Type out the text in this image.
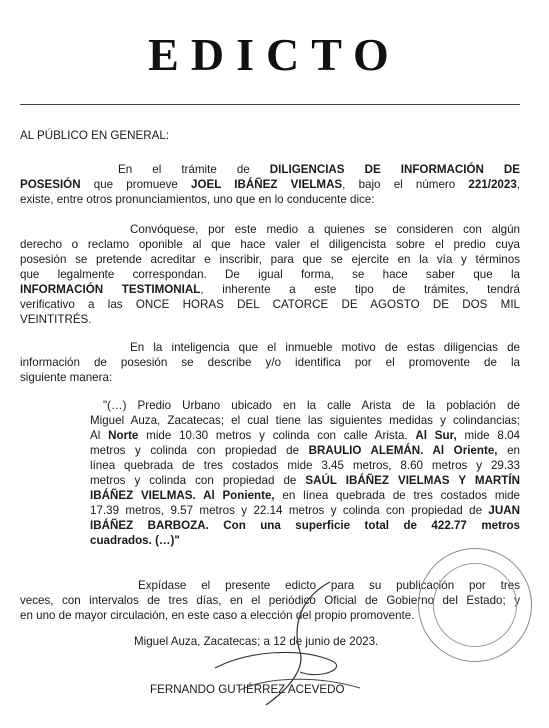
EDICTO
AL PÚBLICO EN GENERAL:
En el trámite de DILIGENCIAS DE INFORMACIÓN DE
POSESIÓN que promueve JOEL IBÁÑEZ VIELMAS, bajo el número 221/2023,
existe, entre otros pronunciamientos, uno que en lo conducente dice:
Convóquese, por este medio a quienes se consideren con algún
derecho o reclamo oponible al que hace valer el diligencista sobre el predio cuya
posesión se pretende acreditar e inscribir, para que se ejercite en la vía y términos
que legalmente correspondan. De igual forma, se hace saber que la
INFORMACIÓN TESTIMONIAL, inherente a este tipo de trámites, tendrá
verificativo a las ONCE HORAS DEL CATORCE DE AGOSTO DE DOS MIL
VEINTITRÉS.
En la inteligencia que el inmueble motivo de estas diligencias de
información de posesión se describe y/o identifica por el promovente de la
siguiente manera:
"(…) Predio Urbano ubicado en la calle Arista de la población de
Miguel Auza, Zacatecas; el cual tiene las siguientes medidas y colindancias;
Al Norte mide 10.30 metros y colinda con calle Arista. Al Sur, mide 8.04
metros y colinda con propiedad de BRAULIO ALEMÁN. Al Oriente, en
línea quebrada de tres costados mide 3.45 metros, 8.60 metros y 29.33
metros y colinda con propiedad de SAÚL IBÁÑEZ VIELMAS Y MARTÍN
IBÁÑEZ VIELMAS. Al Poniente, en línea quebrada de tres costados mide
17.39 metros, 9.57 metros y 22.14 metros y colinda con propiedad de JUAN
IBÁÑEZ BARBOZA. Con una superficie total de 422.77 metros
cuadrados. (…)"
Expídase el presente edicto para su publicación por tres
veces, con intervalos de tres días, en el periódico Oficial de Gobierno del Estado; y
en uno de mayor circulación, en este caso a elección del propio promovente.
Miguel Auza, Zacatecas; a 12 de junio de 2023.
FERNANDO GUTIÉRREZ ACEVEDO
